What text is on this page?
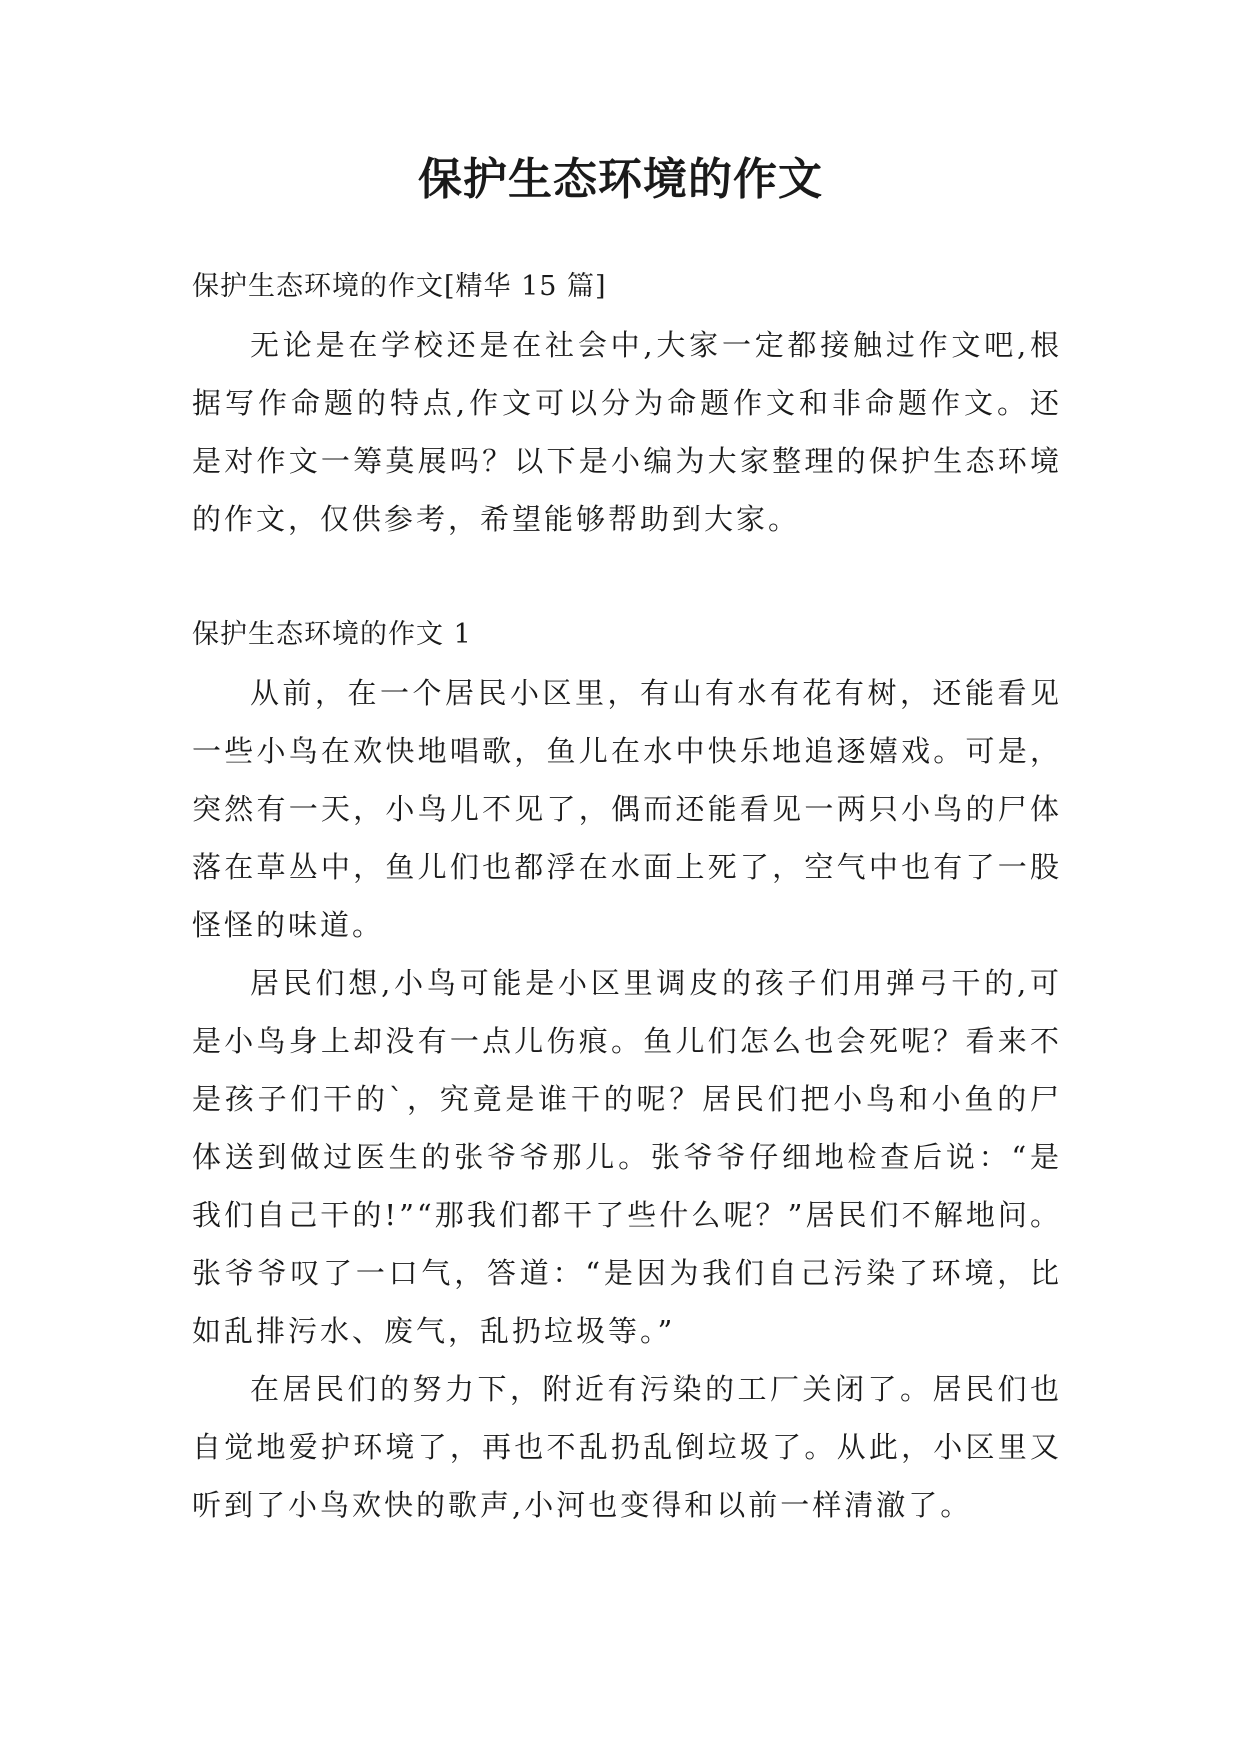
保护生态环境的作文

保护生态环境的作文[精华 15 篇]

无论是在学校还是在社会中,大家一定都接触过作文吧,根据写作命题的特点,作文可以分为命题作文和非命题作文。还是对作文一筹莫展吗？以下是小编为大家整理的保护生态环境的作文，仅供参考，希望能够帮助到大家。

保护生态环境的作文 1

从前，在一个居民小区里，有山有水有花有树，还能看见一些小鸟在欢快地唱歌，鱼儿在水中快乐地追逐嬉戏。可是，突然有一天，小鸟儿不见了，偶而还能看见一两只小鸟的尸体落在草丛中，鱼儿们也都浮在水面上死了，空气中也有了一股怪怪的味道。

居民们想,小鸟可能是小区里调皮的孩子们用弹弓干的,可是小鸟身上却没有一点儿伤痕。鱼儿们怎么也会死呢？看来不是孩子们干的`，究竟是谁干的呢？居民们把小鸟和小鱼的尸体送到做过医生的张爷爷那儿。张爷爷仔细地检查后说：“是我们自己干的!”“那我们都干了些什么呢？”居民们不解地问。张爷爷叹了一口气，答道：“是因为我们自己污染了环境，比如乱排污水、废气，乱扔垃圾等。”

在居民们的努力下，附近有污染的工厂关闭了。居民们也自觉地爱护环境了，再也不乱扔乱倒垃圾了。从此，小区里又听到了小鸟欢快的歌声,小河也变得和以前一样清澈了。
